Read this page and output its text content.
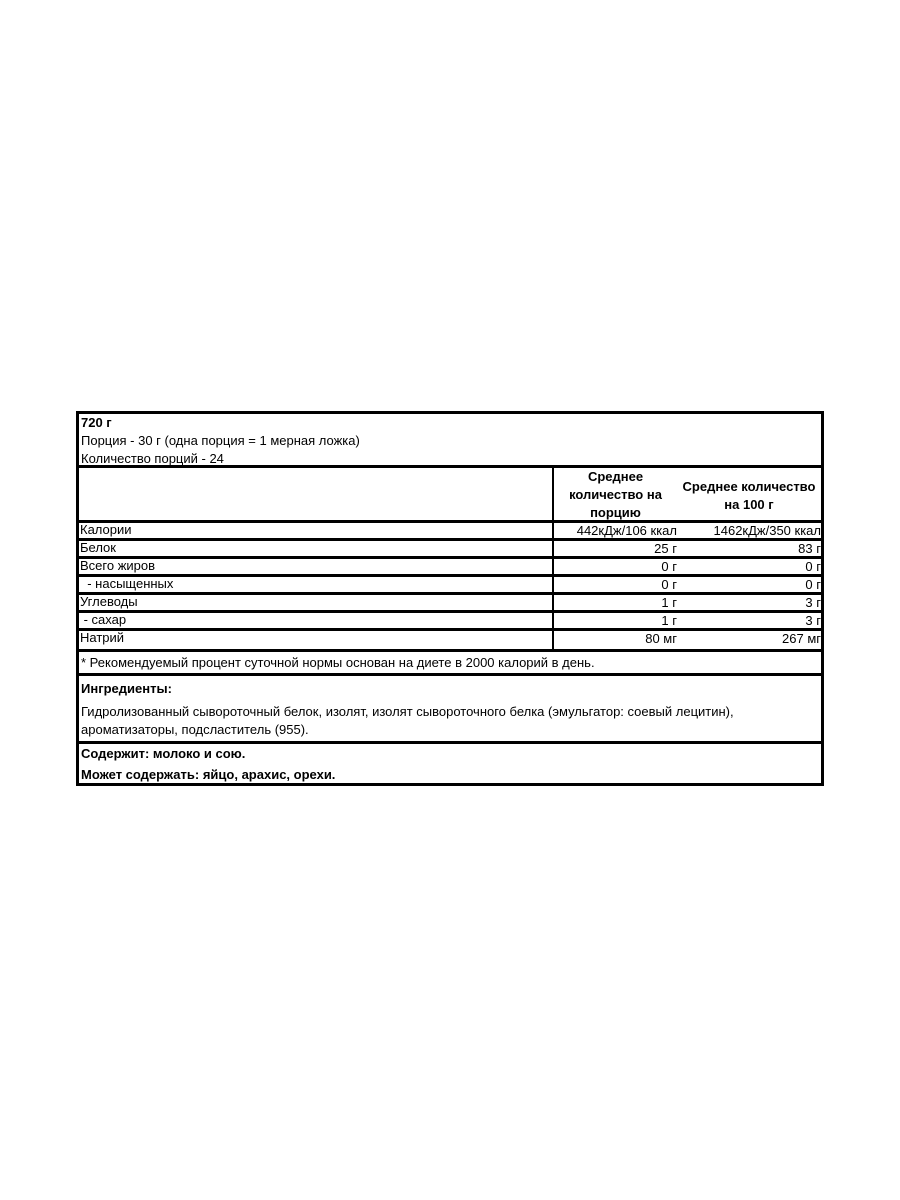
720 г
Порция - 30 г (одна порция = 1 мерная ложка)
Количество порций - 24
Среднее количество на порцию
Среднее количество на 100 г
Калории	442кДж/106 ккал	1462кДж/350 ккал
Белок	25 г	83 г
Всего жиров	0 г	0 г
- насыщенных	0 г	0 г
Углеводы	1 г	3 г
- сахар	1 г	3 г
Натрий	80 мг	267 мг
* Рекомендуемый процент суточной нормы основан на диете в 2000 калорий в день.
Ингредиенты:
Гидролизованный сывороточный белок, изолят, изолят сывороточного белка (эмульгатор: соевый лецитин), ароматизаторы, подсластитель (955).
Содержит: молоко и сою.
Может содержать: яйцо, арахис, орехи.
